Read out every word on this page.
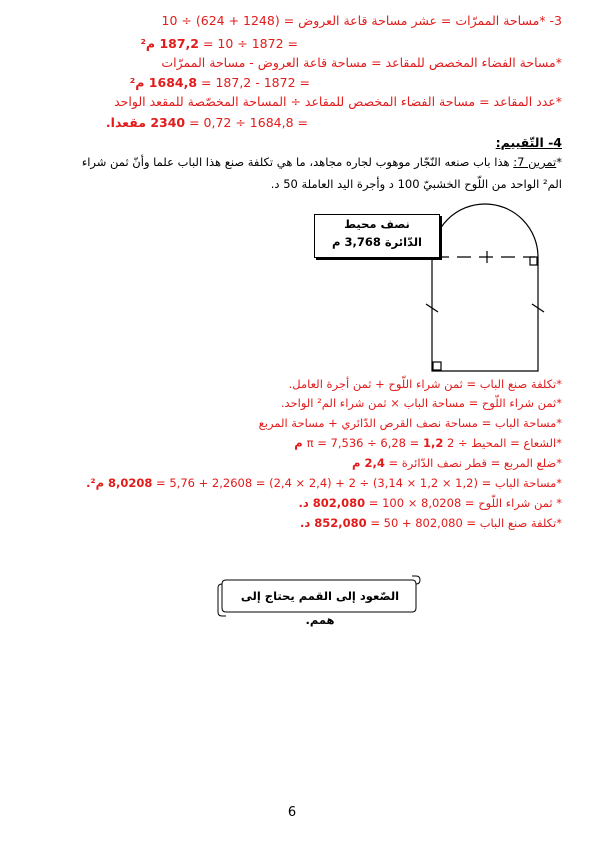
3- *مساحة الممرّات = عشر مساحة قاعة العروض = (1248 + 624) ÷ 10
= 1872 ÷ 10 = 187,2 م²
*مساحة الفضاء المخصص للمقاعد = مساحة قاعة العروض - مساحة الممرّات
= 1872 - 187,2 = 1684,8 م²
*عدد المقاعد = مساحة الفضاء المخصص للمقاعد ÷ المساحة المخصّصة للمقعد الواحد
= 1684,8 ÷ 0,72 = 2340 مقعدا.
4- التّقييم:
*تمرين 7: هذا باب صنعه النّجّار موهوب لجاره مجاهد، ما هي تكلفة صنع هذا الباب علما وأنّ ثمن شراء
الم² الواحد من اللّوح الخشبيّ 100 د وأجرة اليد العاملة 50 د.
نصف محيط
الدّائرة 3,768 م
*تكلفة صنع الباب = ثمن شراء اللّوح + ثمن أجرة العامل.
*ثمن شراء اللّوح = مساحة الباب × ثمن شراء الم² الواحد.
*مساحة الباب = مساحة نصف القرص الدّائري + مساحة المربع
*الشعاع = المحيط ÷ 2 π = 7,536 ÷ 6,28 = 1,2 م
*ضلع المربع = قطر نصف الدّائرة = 2,4 م
*مساحة الباب = (1,2 × 1,2 × 3,14) ÷ 2 + (2,4 × 2,4) = 2,2608 + 5,76 = 8,0208 م².
* ثمن شراء اللّوح = 8,0208 × 100 = 802,080 د.
*تكلفة صنع الباب = 802,080 + 50 = 852,080 د.
الصّعود إلى القمم يحتاج إلى همم.
6
